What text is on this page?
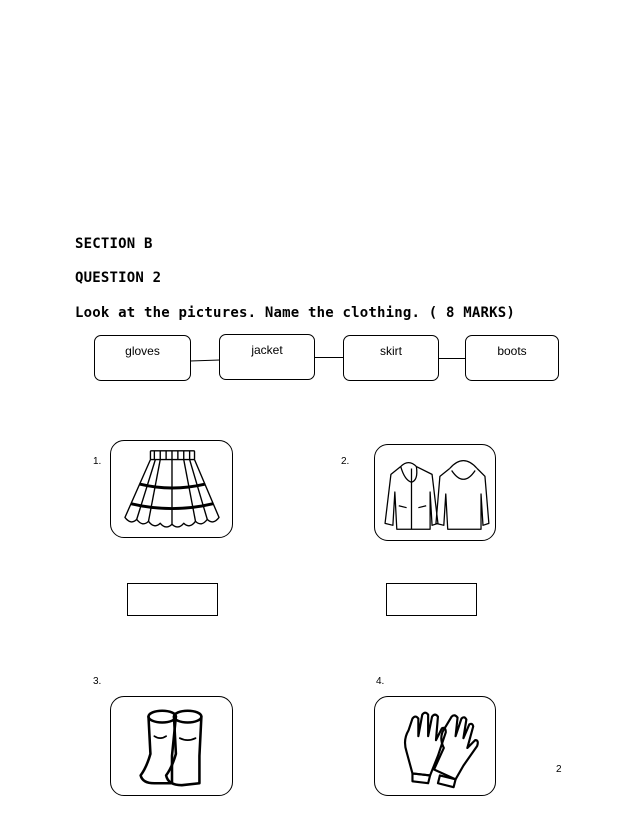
SECTION B
QUESTION 2
Look at the pictures. Name the clothing. ( 8 MARKS)
gloves	jacket	skirt	boots
1.	2.
3.	4.
2
